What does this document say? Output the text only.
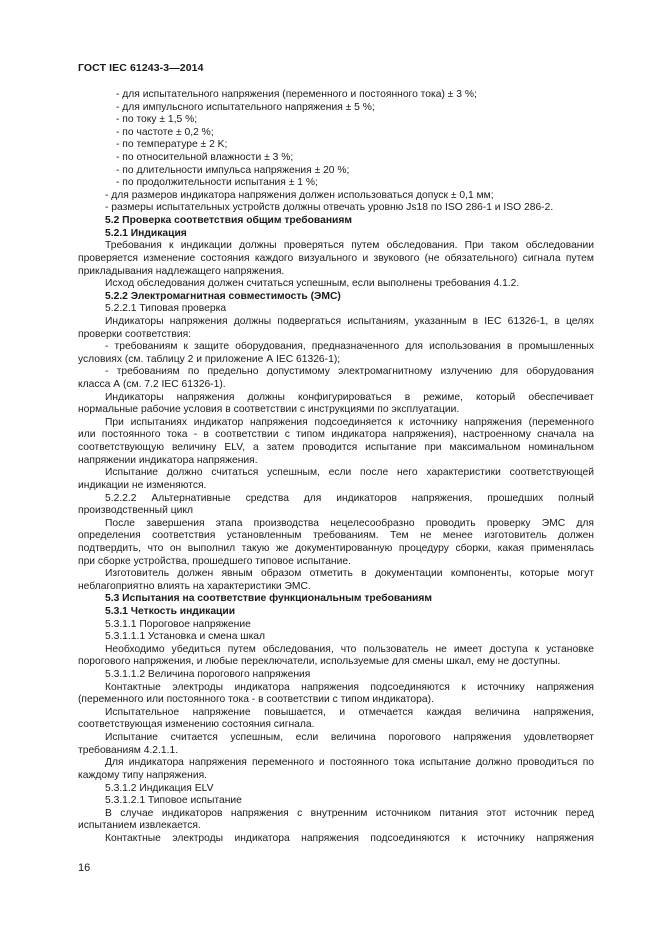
ГОСТ IEC 61243-3—2014
- для испытательного напряжения (переменного и постоянного тока) ± 3 %;
- для импульсного испытательного напряжения ± 5 %;
- по току ± 1,5 %;
- по частоте ± 0,2 %;
- по температуре ± 2 K;
- по относительной влажности ± 3 %;
- по длительности импульса напряжения ± 20 %;
- по продолжительности испытания ± 1 %;
- для размеров индикатора напряжения должен использоваться допуск ± 0,1 мм;
- размеры испытательных устройств должны отвечать уровню Js18 по ISO 286-1 и ISO 286-2.
5.2 Проверка соответствия общим требованиям
5.2.1 Индикация
Требования к индикации должны проверяться путем обследования. При таком обследовании
проверяется изменение состояния каждого визуального и звукового (не обязательного) сигнала путем
прикладывания надлежащего напряжения.
Исход обследования должен считаться успешным, если выполнены требования 4.1.2.
5.2.2 Электромагнитная совместимость (ЭМС)
5.2.2.1 Типовая проверка
Индикаторы напряжения должны подвергаться испытаниям, указанным в IEC 61326-1, в целях
проверки соответствия:
- требованиям к защите оборудования, предназначенного для использования в промышленных
условиях (см. таблицу 2 и приложение А IEC 61326-1);
- требованиям по предельно допустимому электромагнитному излучению для оборудования
класса А (см. 7.2 IEC 61326-1).
Индикаторы напряжения должны конфигурироваться в режиме, который обеспечивает
нормальные рабочие условия в соответствии с инструкциями по эксплуатации.
При испытаниях индикатор напряжения подсоединяется к источнику напряжения (переменного
или постоянного тока - в соответствии с типом индикатора напряжения), настроенному сначала на
соответствующую величину ELV, а затем проводится испытание при максимальном номинальном
напряжении индикатора напряжения.
Испытание должно считаться успешным, если после него характеристики соответствующей
индикации не изменяются.
5.2.2.2 Альтернативные средства для индикаторов напряжения, прошедших полный
производственный цикл
После завершения этапа производства нецелесообразно проводить проверку ЭМС для
определения соответствия установленным требованиям. Тем не менее изготовитель должен
подтвердить, что он выполнил такую же документированную процедуру сборки, какая применялась
при сборке устройства, прошедшего типовое испытание.
Изготовитель должен явным образом отметить в документации компоненты, которые могут
неблагоприятно влиять на характеристики ЭМС.
5.3 Испытания на соответствие функциональным требованиям
5.3.1 Четкость индикации
5.3.1.1 Пороговое напряжение
5.3.1.1.1 Установка и смена шкал
Необходимо убедиться путем обследования, что пользователь не имеет доступа к установке
порогового напряжения, и любые переключатели, используемые для смены шкал, ему не доступны.
5.3.1.1.2 Величина порогового напряжения
Контактные электроды индикатора напряжения подсоединяются к источнику напряжения
(переменного или постоянного тока - в соответствии с типом индикатора).
Испытательное напряжение повышается, и отмечается каждая величина напряжения,
соответствующая изменению состояния сигнала.
Испытание считается успешным, если величина порогового напряжения удовлетворяет
требованиям 4.2.1.1.
Для индикатора напряжения переменного и постоянного тока испытание должно проводиться по
каждому типу напряжения.
5.3.1.2 Индикация ELV
5.3.1.2.1 Типовое испытание
В случае индикаторов напряжения с внутренним источником питания этот источник перед
испытанием извлекается.
Контактные электроды индикатора напряжения подсоединяются к источнику напряжения
16
